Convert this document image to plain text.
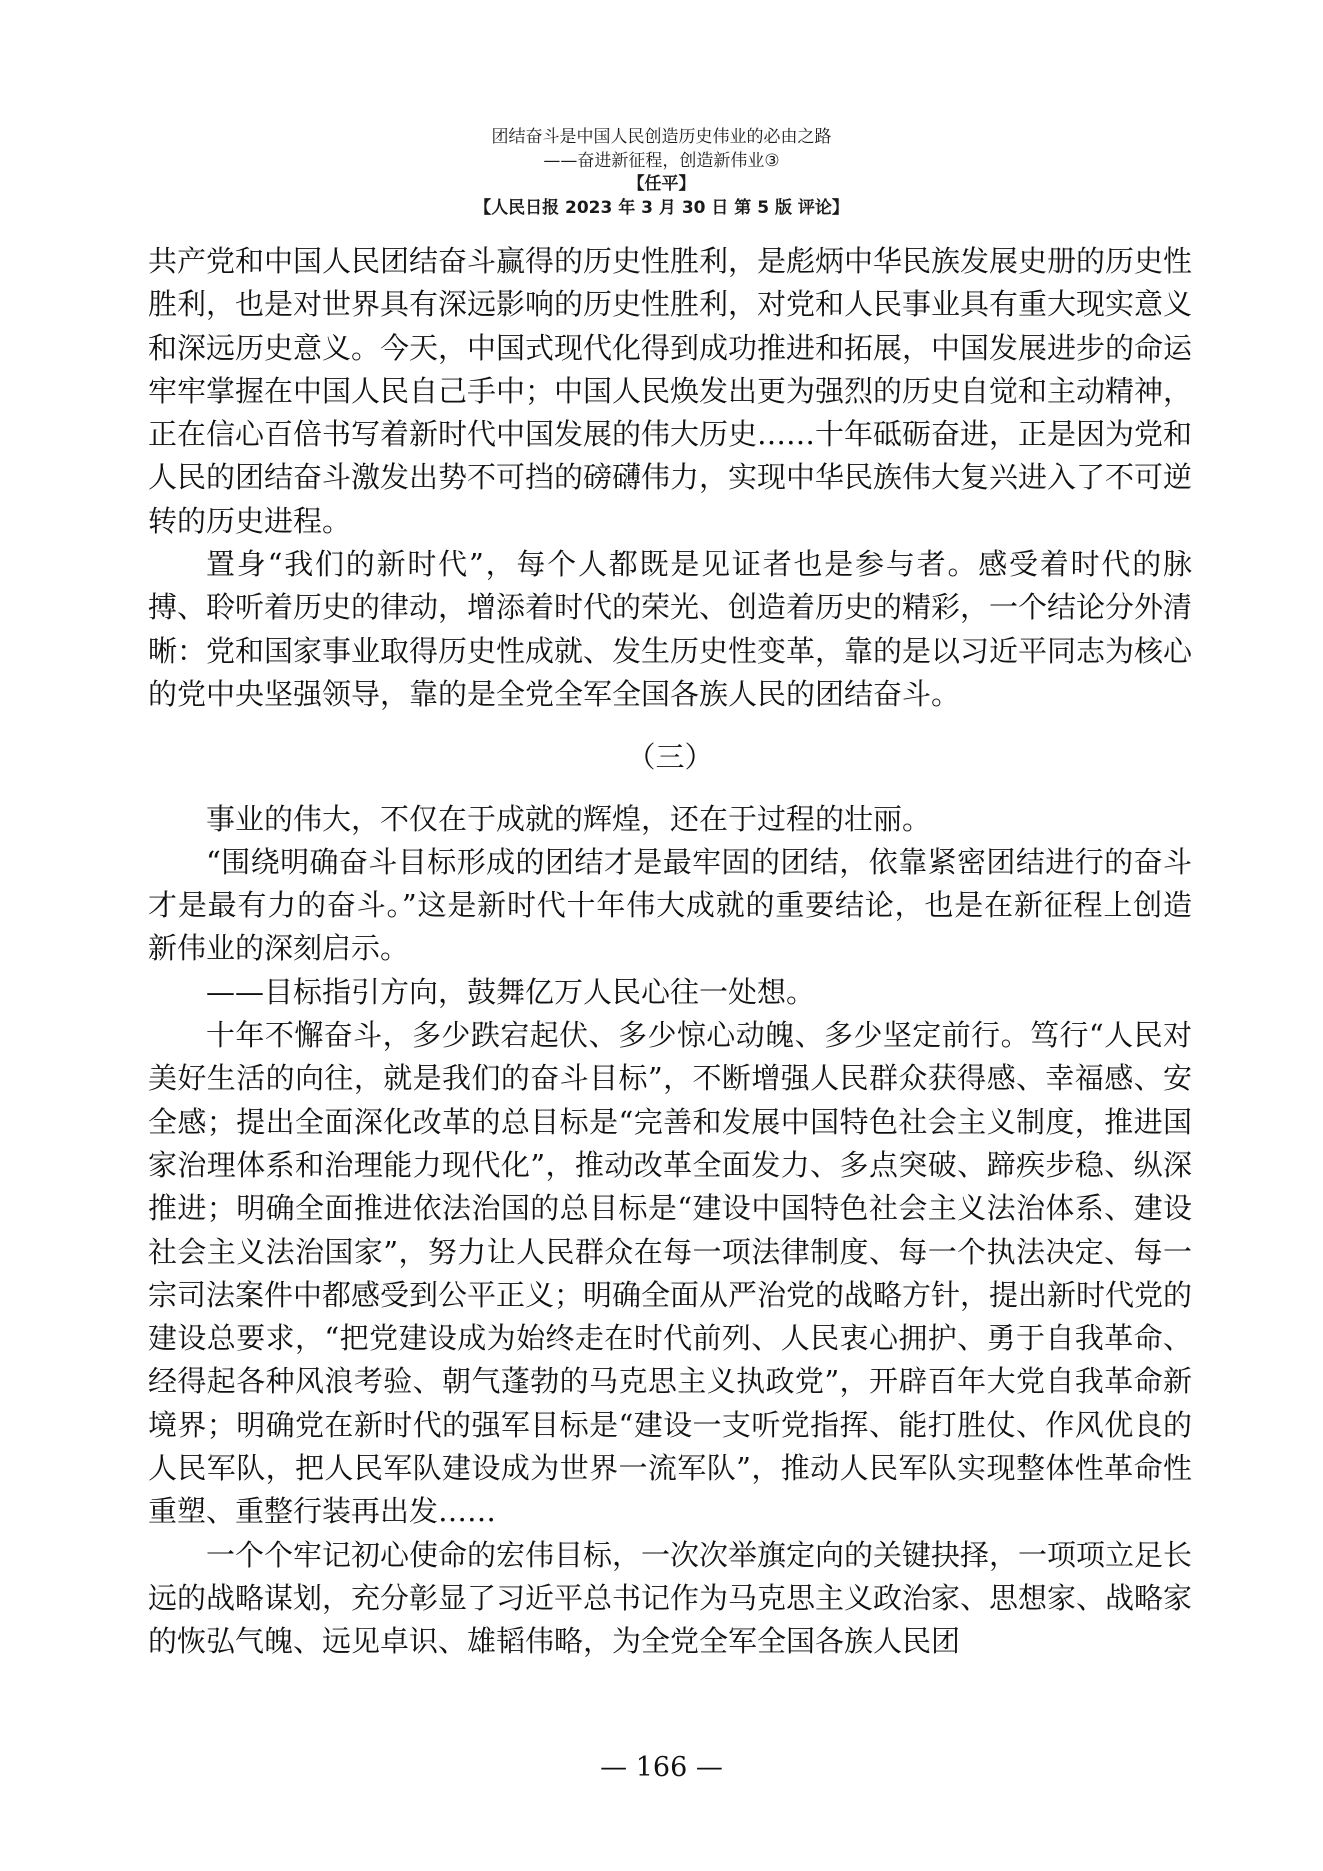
团结奋斗是中国人民创造历史伟业的必由之路
——奋进新征程，创造新伟业③
【任平】
【人民日报 2023 年 3 月 30 日 第 5 版 评论】

共产党和中国人民团结奋斗赢得的历史性胜利，是彪炳中华民族发展史册的历史性胜利，也是对世界具有深远影响的历史性胜利，对党和人民事业具有重大现实意义和深远历史意义。今天，中国式现代化得到成功推进和拓展，中国发展进步的命运牢牢掌握在中国人民自己手中；中国人民焕发出更为强烈的历史自觉和主动精神，正在信心百倍书写着新时代中国发展的伟大历史……十年砥砺奋进，正是因为党和人民的团结奋斗激发出势不可挡的磅礴伟力，实现中华民族伟大复兴进入了不可逆转的历史进程。

置身“我们的新时代”，每个人都既是见证者也是参与者。感受着时代的脉搏、聆听着历史的律动，增添着时代的荣光、创造着历史的精彩，一个结论分外清晰：党和国家事业取得历史性成就、发生历史性变革，靠的是以习近平同志为核心的党中央坚强领导，靠的是全党全军全国各族人民的团结奋斗。

（三）

事业的伟大，不仅在于成就的辉煌，还在于过程的壮丽。

“围绕明确奋斗目标形成的团结才是最牢固的团结，依靠紧密团结进行的奋斗才是最有力的奋斗。”这是新时代十年伟大成就的重要结论，也是在新征程上创造新伟业的深刻启示。

——目标指引方向，鼓舞亿万人民心往一处想。

十年不懈奋斗，多少跌宕起伏、多少惊心动魄、多少坚定前行。笃行“人民对美好生活的向往，就是我们的奋斗目标”，不断增强人民群众获得感、幸福感、安全感；提出全面深化改革的总目标是“完善和发展中国特色社会主义制度，推进国家治理体系和治理能力现代化”，推动改革全面发力、多点突破、蹄疾步稳、纵深推进；明确全面推进依法治国的总目标是“建设中国特色社会主义法治体系、建设社会主义法治国家”，努力让人民群众在每一项法律制度、每一个执法决定、每一宗司法案件中都感受到公平正义；明确全面从严治党的战略方针，提出新时代党的建设总要求，“把党建设成为始终走在时代前列、人民衷心拥护、勇于自我革命、经得起各种风浪考验、朝气蓬勃的马克思主义执政党”，开辟百年大党自我革命新境界；明确党在新时代的强军目标是“建设一支听党指挥、能打胜仗、作风优良的人民军队，把人民军队建设成为世界一流军队”，推动人民军队实现整体性革命性重塑、重整行装再出发……

一个个牢记初心使命的宏伟目标，一次次举旗定向的关键抉择，一项项立足长远的战略谋划，充分彰显了习近平总书记作为马克思主义政治家、思想家、战略家的恢弘气魄、远见卓识、雄韬伟略，为全党全军全国各族人民团

— 166 —
